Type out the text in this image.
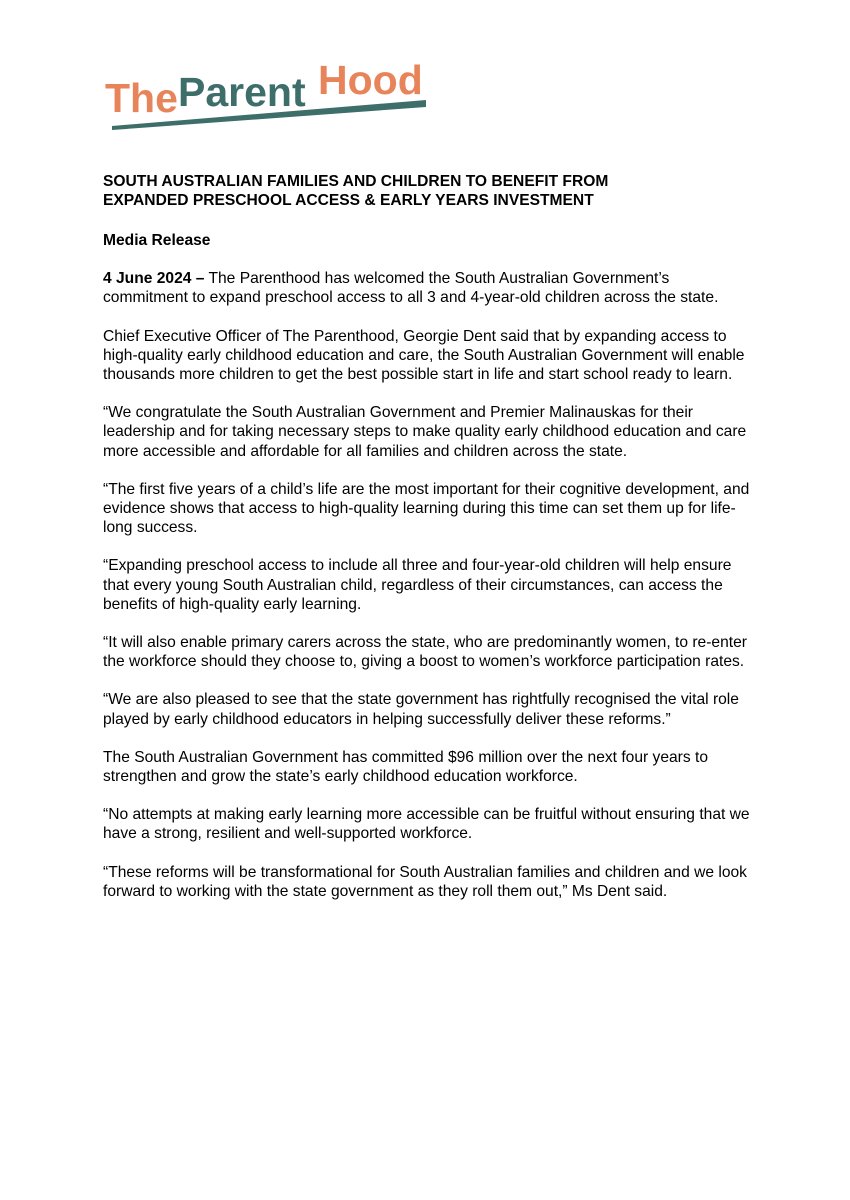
The Parent Hood

SOUTH AUSTRALIAN FAMILIES AND CHILDREN TO BENEFIT FROM
EXPANDED PRESCHOOL ACCESS & EARLY YEARS INVESTMENT

Media Release

4 June 2024 – The Parenthood has welcomed the South Australian Government’s commitment to expand preschool access to all 3 and 4-year-old children across the state.

Chief Executive Officer of The Parenthood, Georgie Dent said that by expanding access to high-quality early childhood education and care, the South Australian Government will enable thousands more children to get the best possible start in life and start school ready to learn.

“We congratulate the South Australian Government and Premier Malinauskas for their leadership and for taking necessary steps to make quality early childhood education and care more accessible and affordable for all families and children across the state.

“The first five years of a child’s life are the most important for their cognitive development, and evidence shows that access to high-quality learning during this time can set them up for life-long success.

“Expanding preschool access to include all three and four-year-old children will help ensure that every young South Australian child, regardless of their circumstances, can access the benefits of high-quality early learning.

“It will also enable primary carers across the state, who are predominantly women, to re-enter the workforce should they choose to, giving a boost to women’s workforce participation rates.

“We are also pleased to see that the state government has rightfully recognised the vital role played by early childhood educators in helping successfully deliver these reforms.”

The South Australian Government has committed $96 million over the next four years to strengthen and grow the state’s early childhood education workforce.

“No attempts at making early learning more accessible can be fruitful without ensuring that we have a strong, resilient and well-supported workforce.

“These reforms will be transformational for South Australian families and children and we look forward to working with the state government as they roll them out,” Ms Dent said.
